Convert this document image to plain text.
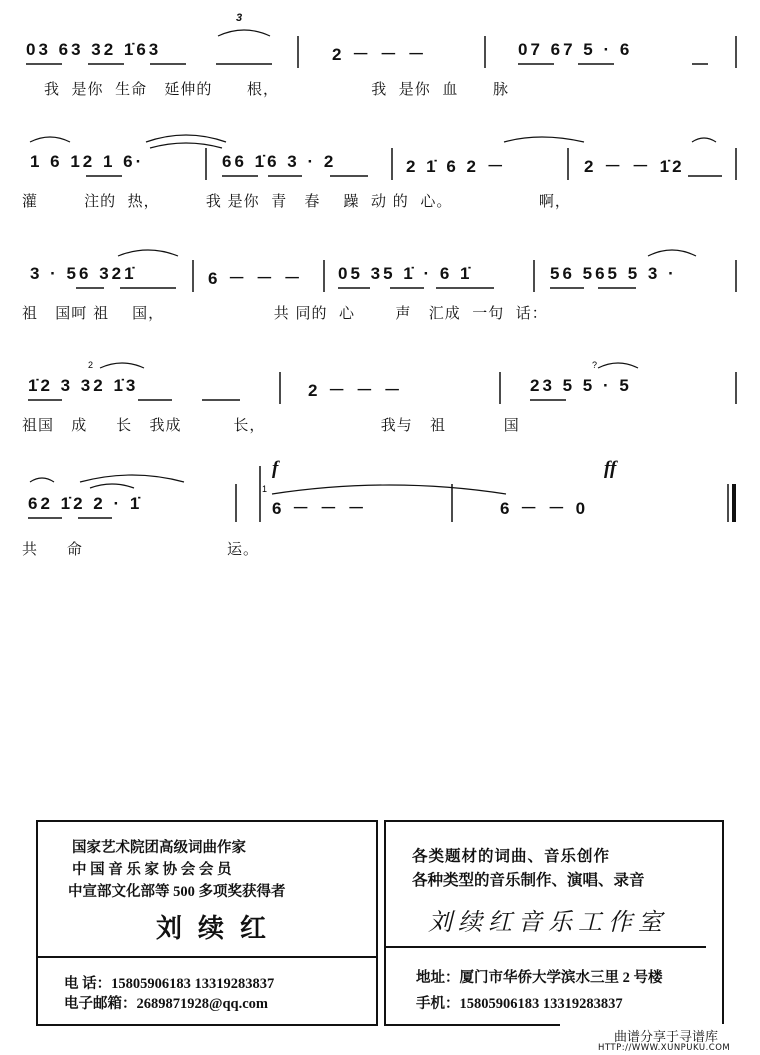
3
03 63 32 1̇63	2 － － －	07 67 5 · 6
我  是你  生命   延伸的      根，                我  是你  血      脉
1 6 12 1 6·	66 1̇6 3 · 2	2 1̇ 6 2 －	2 － － 1̇2
灌        注的  热，        我 是你  青   春    躁  动 的  心。               啊，
3 · 56 321̇	6 － － － 05 35 1̇ · 6 1̇	56 565 5 3 ·
祖   国呵 祖    国，                   共 同的  心       声   汇成  一句  话：
2	?
1̇2 3 32 1̇3	2 － － －	23 5 5 · 5
祖国   成     长   我成         长，                    我与   祖          国
1
f	ff
62 1̇2 2 · 1̇	6 － － －	6 － － 0
共     命                         运。
国家艺术院团高级词曲作家
中 国 音 乐 家 协 会 会 员
中宣部文化部等 500 多项奖获得者
刘续红
电 话：15805906183 13319283837
电子邮箱：2689871928@qq.com
各类题材的词曲、音乐创作
各种类型的音乐制作、演唱、录音
刘续红音乐工作室
地址：厦门市华侨大学滨水三里 2 号楼
手机：15805906183 13319283837
曲谱分享于寻谱库
HTTP://WWW.XUNPUKU.COM
